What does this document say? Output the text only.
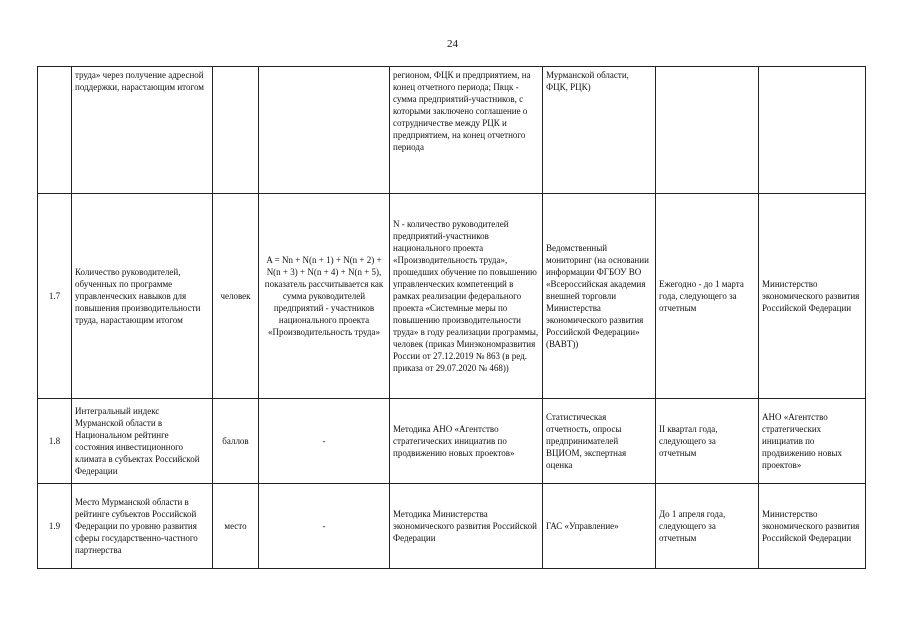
24
	труда» через получение адресной поддержки, нарастающим итогом			регионом, ФЦК и предприятием, на конец отчетного периода; Пʀцк - сумма предприятий-участников, с которыми заключено соглашение о сотрудничестве между РЦК и предприятием, на конец отчетного периода	Мурманской области, ФЦК, РЦК)		
1.7	Количество руководителей, обученных по программе управленческих навыков для повышения производительности труда, нарастающим итогом	человек	A = Nn + N(n + 1) + N(n + 2) + N(n + 3) + N(n + 4) + N(n + 5), показатель рассчитывается как сумма руководителей предприятий - участников национального проекта «Производительность труда»	N - количество руководителей предприятий-участников национального проекта «Производительность труда», прошедших обучение по повышению управленческих компетенций в рамках реализации федерального проекта «Системные меры по повышению производительности труда» в году реализации программы, человек (приказ Минэкономразвития России от 27.12.2019 № 863 (в ред. приказа от 29.07.2020 № 468))	Ведомственный мониторинг (на основании информации ФГБОУ ВО «Всероссийская академия внешней торговли Министерства экономического развития Российской Федерации» (ВАВТ))	Ежегодно - до 1 марта года, следующего за отчетным	Министерство экономического развития Российской Федерации
1.8	Интегральный индекс Мурманской области в Национальном рейтинге состояния инвестиционного климата в субъектах Российской Федерации	баллов	-	Методика АНО «Агентство стратегических инициатив по продвижению новых проектов»	Статистическая отчетность, опросы предпринимателей ВЦИОМ, экспертная оценка	II квартал года, следующего за отчетным	АНО «Агентство стратегических инициатив по продвижению новых проектов»
1.9	Место Мурманской области в рейтинге субъектов Российской Федерации по уровню развития сферы государственно-частного партнерства	место	-	Методика Министерства экономического развития Российской Федерации	ГАС «Управление»	До 1 апреля года, следующего за отчетным	Министерство экономического развития Российской Федерации
